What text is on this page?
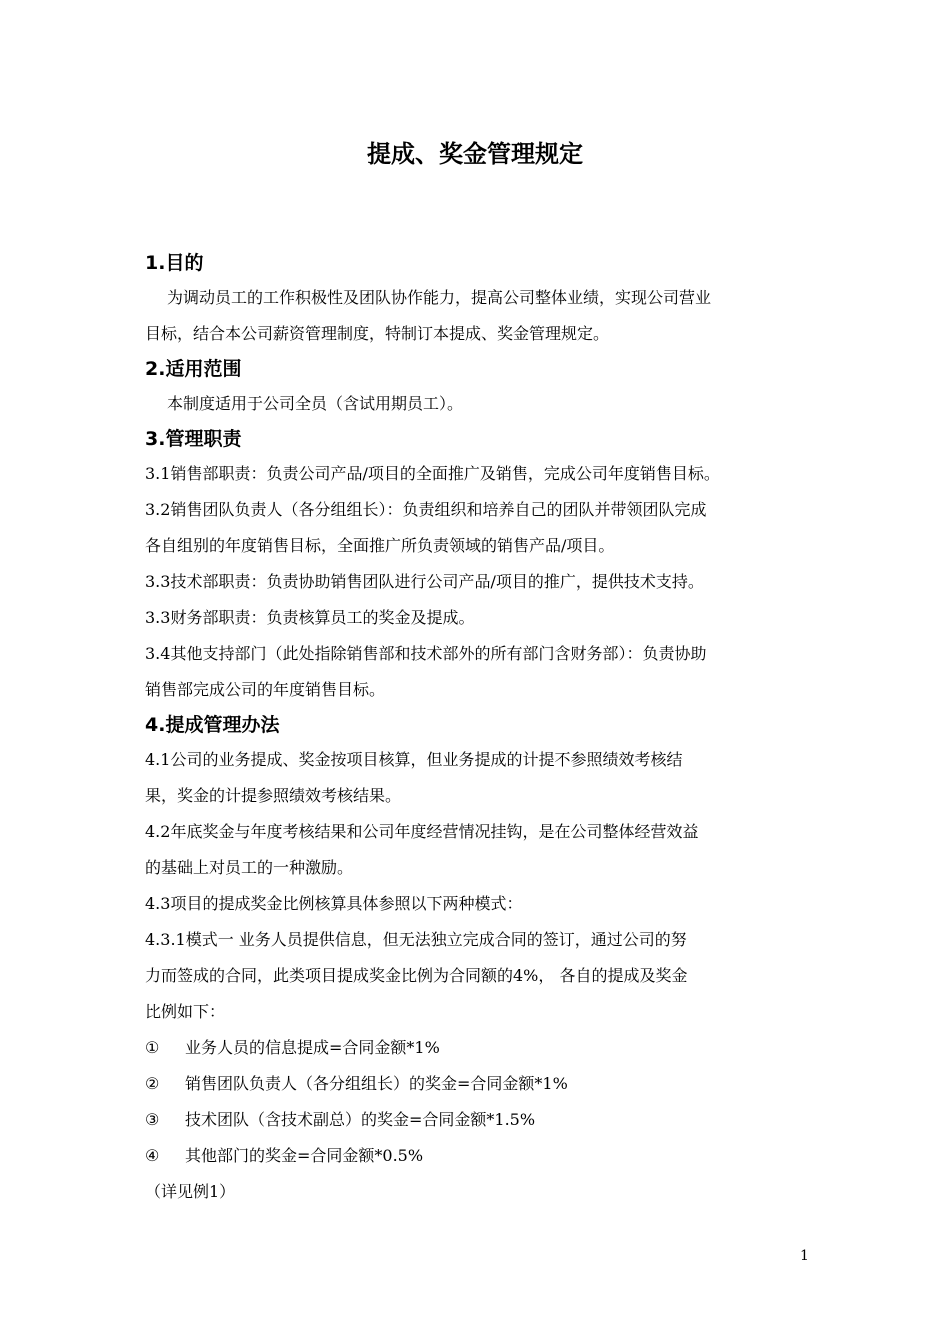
提成、奖金管理规定

1.目的

为调动员工的工作积极性及团队协作能力，提高公司整体业绩，实现公司营业

目标，结合本公司薪资管理制度，特制订本提成、奖金管理规定。

2.适用范围

本制度适用于公司全员（含试用期员工）。

3.管理职责

3.1销售部职责：负责公司产品/项目的全面推广及销售，完成公司年度销售目标。

3.2销售团队负责人（各分组组长）：负责组织和培养自己的团队并带领团队完成

各自组别的年度销售目标，全面推广所负责领域的销售产品/项目。

3.3技术部职责：负责协助销售团队进行公司产品/项目的推广，提供技术支持。

3.3财务部职责：负责核算员工的奖金及提成。

3.4其他支持部门（此处指除销售部和技术部外的所有部门含财务部）：负责协助

销售部完成公司的年度销售目标。

4.提成管理办法

4.1公司的业务提成、奖金按项目核算，但业务提成的计提不参照绩效考核结

果，奖金的计提参照绩效考核结果。

4.2年底奖金与年度考核结果和公司年度经营情况挂钩，是在公司整体经营效益

的基础上对员工的一种激励。

4.3项目的提成奖金比例核算具体参照以下两种模式：

4.3.1模式一 业务人员提供信息，但无法独立完成合同的签订，通过公司的努

力而签成的合同，此类项目提成奖金比例为合同额的4%， 各自的提成及奖金

比例如下：

① 业务人员的信息提成=合同金额*1%

② 销售团队负责人（各分组组长）的奖金=合同金额*1%

③ 技术团队（含技术副总）的奖金=合同金额*1.5%

④ 其他部门的奖金=合同金额*0.5%

（详见例1）

1
